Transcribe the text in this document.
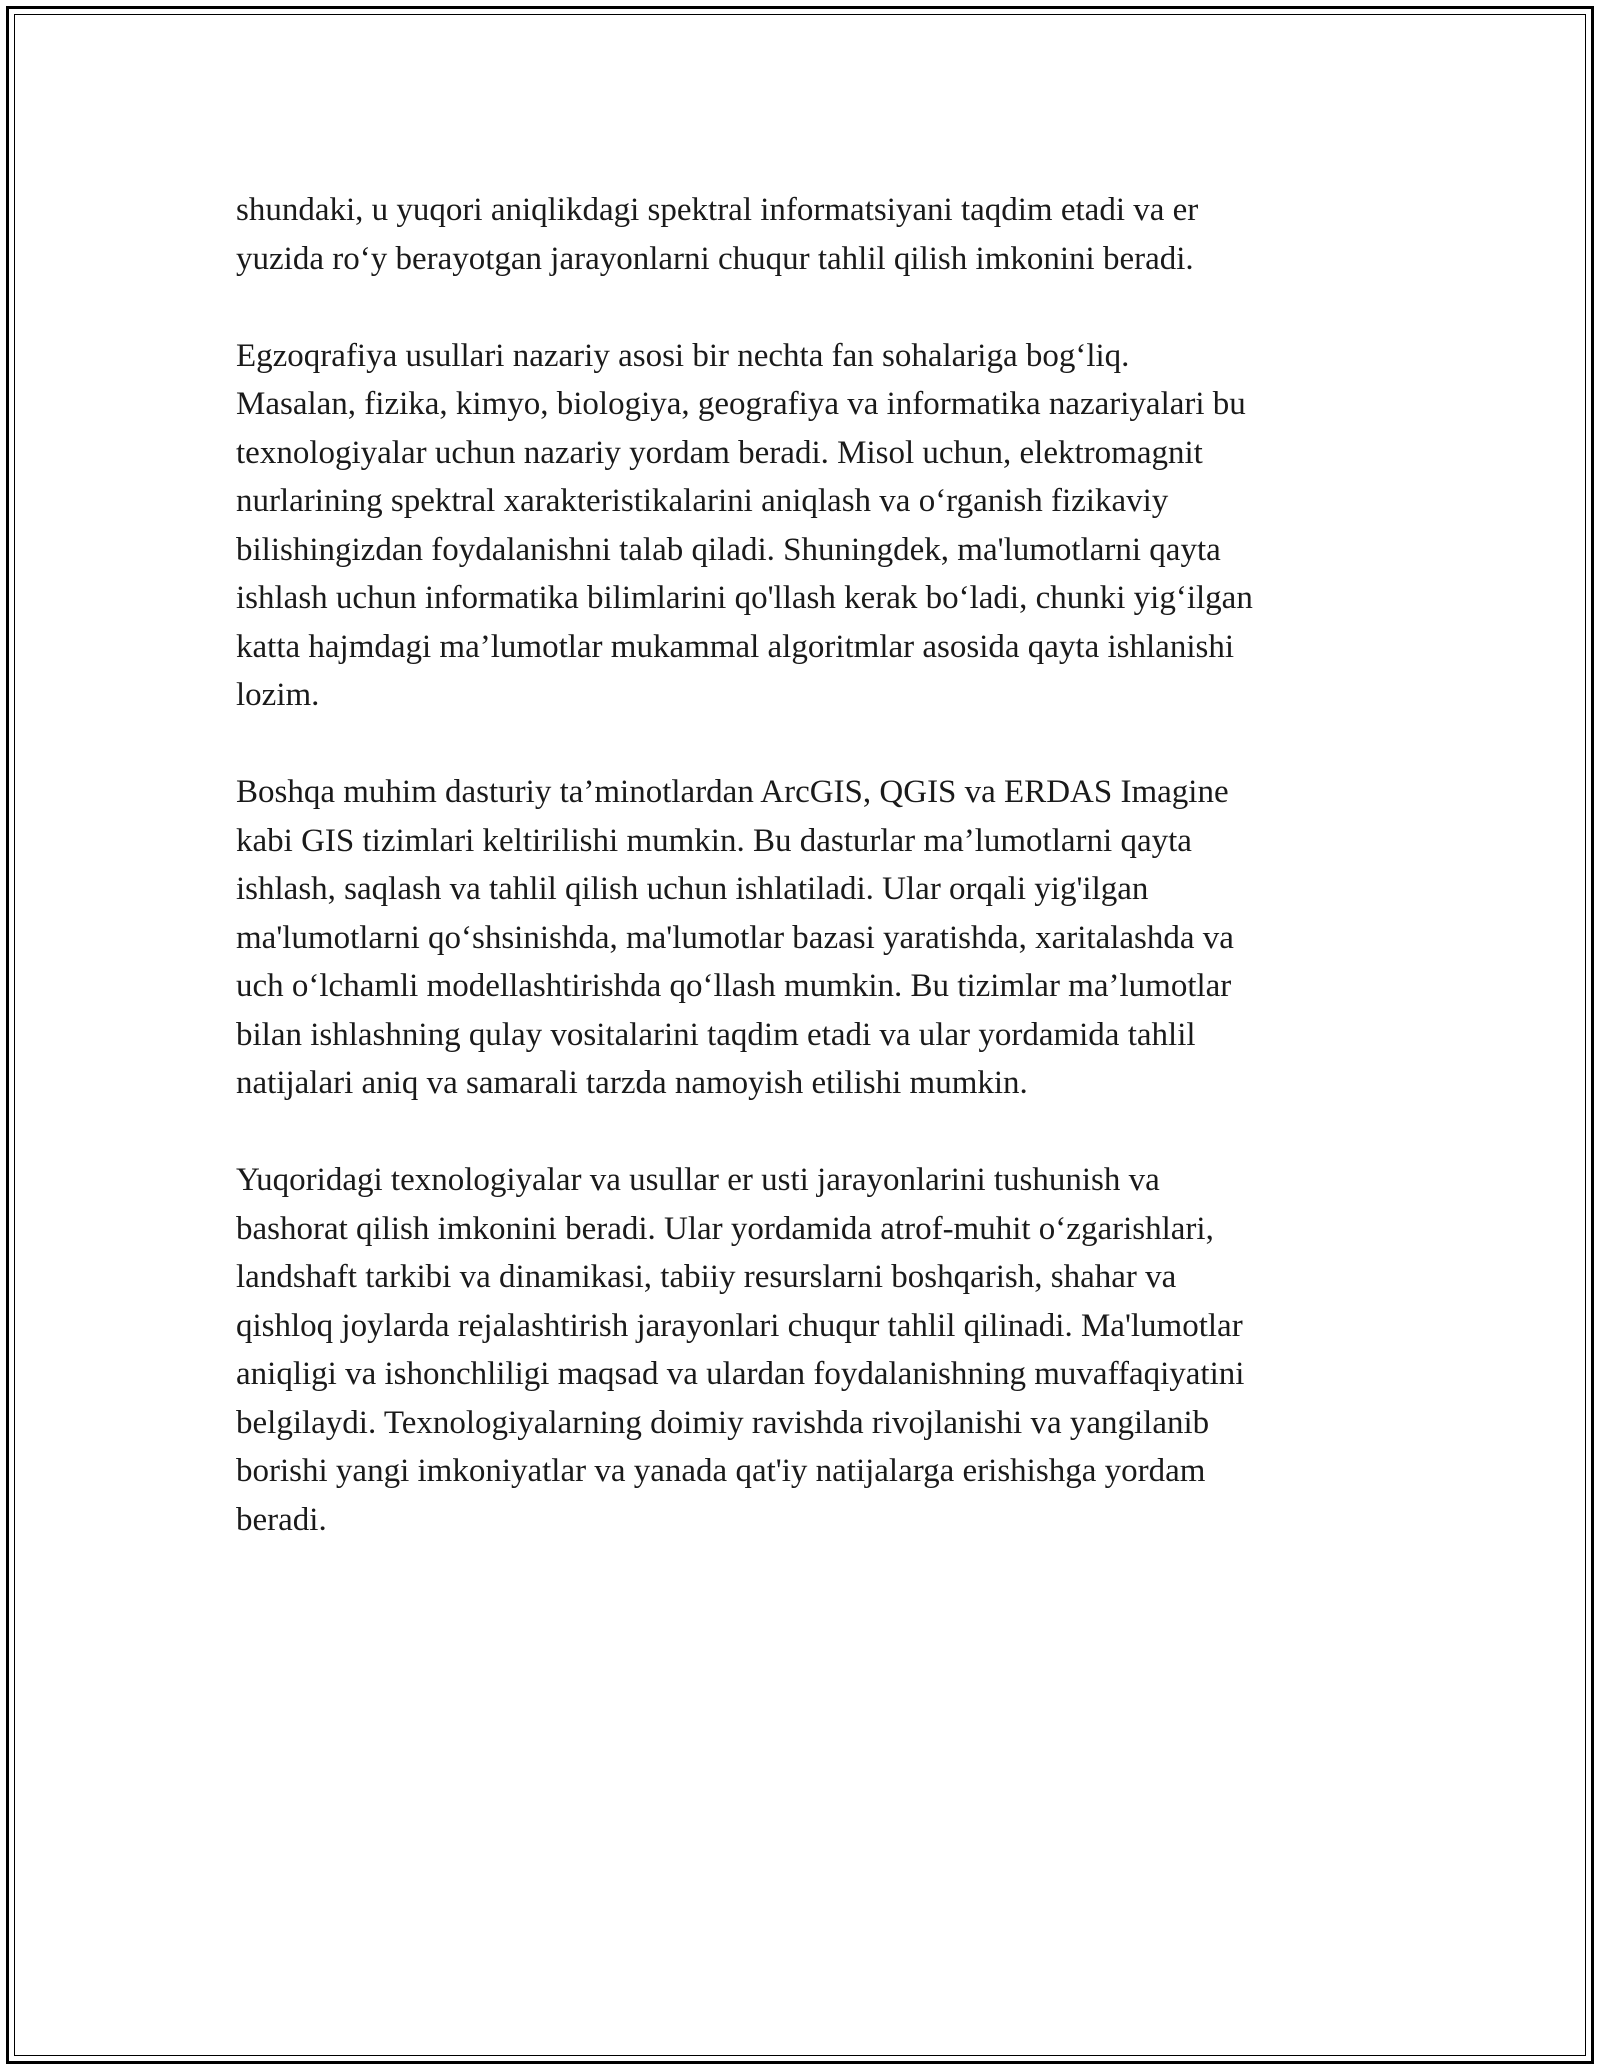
shundaki, u yuqori aniqlikdagi spektral informatsiyani taqdim etadi va er
yuzida ro‘y berayotgan jarayonlarni chuqur tahlil qilish imkonini beradi.
Egzoqrafiya usullari nazariy asosi bir nechta fan sohalariga bog‘liq.
Masalan, fizika, kimyo, biologiya, geografiya va informatika nazariyalari bu
texnologiyalar uchun nazariy yordam beradi. Misol uchun, elektromagnit
nurlarining spektral xarakteristikalarini aniqlash va o‘rganish fizikaviy
bilishingizdan foydalanishni talab qiladi. Shuningdek, ma'lumotlarni qayta
ishlash uchun informatika bilimlarini qo'llash kerak bo‘ladi, chunki yig‘ilgan
katta hajmdagi ma’lumotlar mukammal algoritmlar asosida qayta ishlanishi
lozim.
Boshqa muhim dasturiy ta’minotlardan ArcGIS, QGIS va ERDAS Imagine
kabi GIS tizimlari keltirilishi mumkin. Bu dasturlar ma’lumotlarni qayta
ishlash, saqlash va tahlil qilish uchun ishlatiladi. Ular orqali yig'ilgan
ma'lumotlarni qo‘shsinishda, ma'lumotlar bazasi yaratishda, xaritalashda va
uch o‘lchamli modellashtirishda qo‘llash mumkin. Bu tizimlar ma’lumotlar
bilan ishlashning qulay vositalarini taqdim etadi va ular yordamida tahlil
natijalari aniq va samarali tarzda namoyish etilishi mumkin.
Yuqoridagi texnologiyalar va usullar er usti jarayonlarini tushunish va
bashorat qilish imkonini beradi. Ular yordamida atrof-muhit o‘zgarishlari,
landshaft tarkibi va dinamikasi, tabiiy resurslarni boshqarish, shahar va
qishloq joylarda rejalashtirish jarayonlari chuqur tahlil qilinadi. Ma'lumotlar
aniqligi va ishonchliligi maqsad va ulardan foydalanishning muvaffaqiyatini
belgilaydi. Texnologiyalarning doimiy ravishda rivojlanishi va yangilanib
borishi yangi imkoniyatlar va yanada qat'iy natijalarga erishishga yordam
beradi.
